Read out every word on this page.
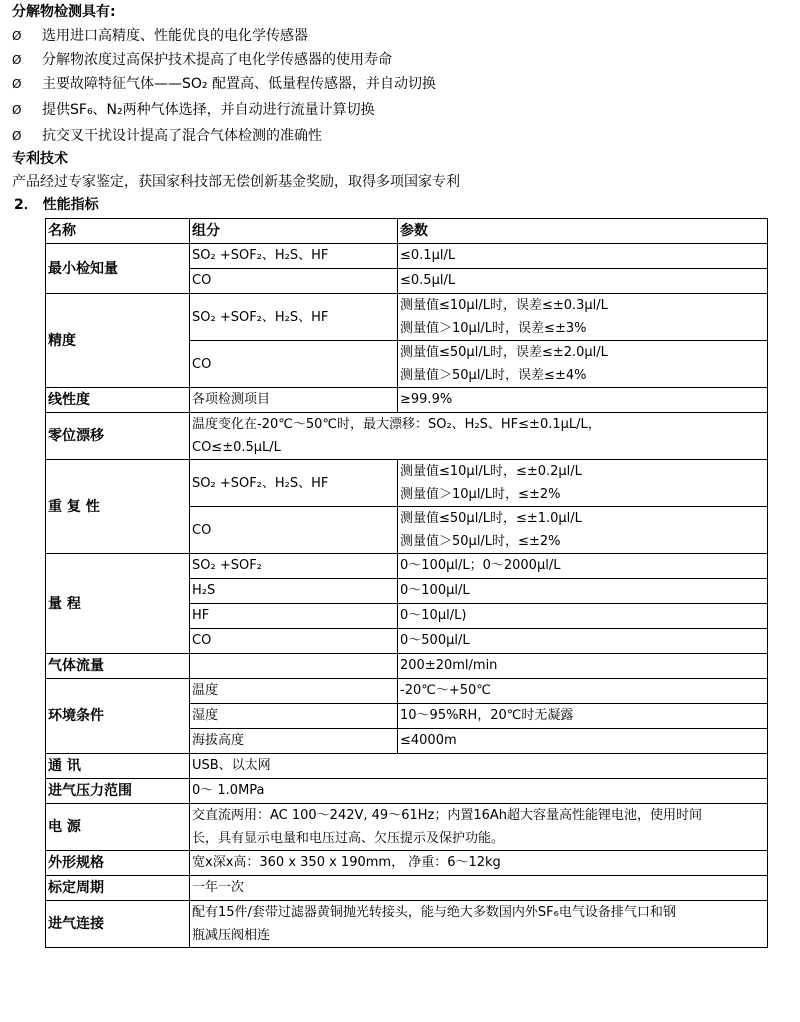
分解物检测具有:
Ø 选用进口高精度、性能优良的电化学传感器
Ø 分解物浓度过高保护技术提高了电化学传感器的使用寿命
Ø 主要故障特征气体——SO₂ 配置高、低量程传感器，并自动切换
Ø 提供SF₆、N₂两种气体选择，并自动进行流量计算切换
Ø 抗交叉干扰设计提高了混合气体检测的准确性
专利技术
产品经过专家鉴定，获国家科技部无偿创新基金奖励，取得多项国家专利
2． 性能指标
名称	组分	参数
最小检知量	SO₂ +SOF₂、H₂S、HF	≤0.1μl/L
	CO	≤0.5μl/L
精度	SO₂ +SOF₂、H₂S、HF	测量值≤10μl/L时，误差≤±0.3μl/L
测量值＞10μl/L时，误差≤±3%

	CO	测量值≤50μl/L时，误差≤±2.0μl/L
测量值＞50μl/L时，误差≤±4%

线性度	各项检测项目	≥99.9%
零位漂移	温度变化在-20℃～50℃时，最大漂移：SO₂、H₂S、HF≤±0.1μL/L，
CO≤±0.5μL/L	

重 复 性	SO₂ +SOF₂、H₂S、HF	测量值≤10μl/L时，≤±0.2μl/L
测量值＞10μl/L时，≤±2%

	CO	测量值≤50μl/L时，≤±1.0μl/L
测量值＞50μl/L时，≤±2%

量 程	SO₂ +SOF₂	0～100μl/L；0～2000μl/L
	H₂S	0～100μl/L
	HF	0～10μl/L)
	CO	0～500μl/L
气体流量		200±20ml/min
环境条件	温度	-20℃～+50℃
	湿度	10～95%RH，20℃时无凝露
	海拔高度	≤4000m
通 讯	USB、以太网	
进气压力范围	0～ 1.0MPa	
电 源	交直流两用：AC 100～242V, 49～61Hz；内置16Ah超大容量高性能锂电池，使用时间
长，具有显示电量和电压过高、欠压提示及保护功能。	

外形规格	宽x深x高：360 x 350 x 190mm， 净重：6～12kg	
标定周期	一年一次	
进气连接	配有15件/套带过滤器黄铜抛光转接头，能与绝大多数国内外SF₆电气设备排气口和钢
瓶减压阀相连	
